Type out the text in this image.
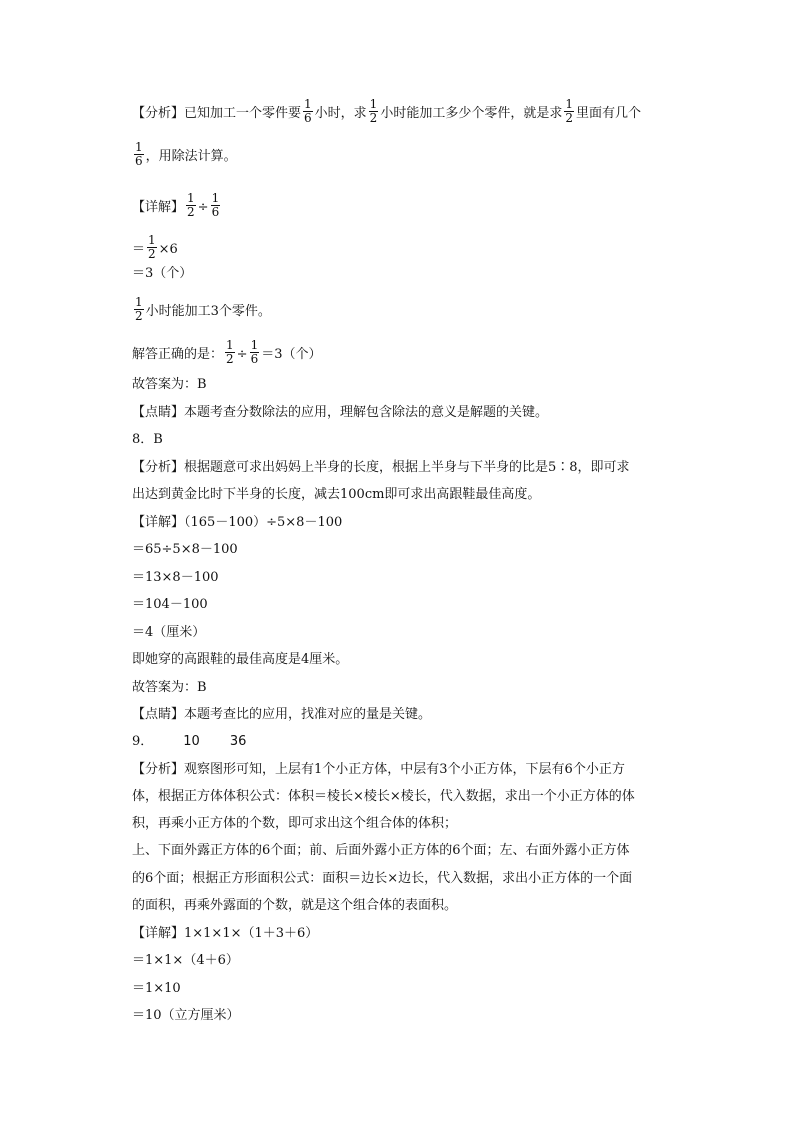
【分析】已知加工一个零件要 $\frac{1}{6}$ 小时，求 $\frac{1}{2}$ 小时能加工多少个零件，就是求 $\frac{1}{2}$ 里面有几个
$\frac{1}{6}$ ，用除法计算。
【详解】 $\frac{1}{2} \div \frac{1}{6}$
＝ $\frac{1}{2} \times 6$
＝3（个）
$\frac{1}{2}$ 小时能加工3个零件。
解答正确的是： $\frac{1}{2} \div \frac{1}{6} =3$（个）
故答案为：B
【点睛】本题考查分数除法的应用，理解包含除法的意义是解题的关键。
8．B
【分析】根据题意可求出妈妈上半身的长度，根据上半身与下半身的比是5∶8，即可求
出达到黄金比时下半身的长度，减去100cm即可求出高跟鞋最佳高度。
【详解】（165－100）÷5×8－100
＝65÷5×8－100
＝13×8－100
＝104－100
＝4（厘米）
即她穿的高跟鞋的最佳高度是4厘米。
故答案为：B
【点睛】本题考查比的应用，找准对应的量是关键。
9． 10 36
【分析】观察图形可知，上层有1个小正方体，中层有3个小正方体，下层有6个小正方
体，根据正方体体积公式：体积＝棱长×棱长×棱长，代入数据，求出一个小正方体的体
积，再乘小正方体的个数，即可求出这个组合体的体积；
上、下面外露正方体的6个面；前、后面外露小正方体的6个面；左、右面外露小正方体
的6个面；根据正方形面积公式：面积＝边长×边长，代入数据，求出小正方体的一个面
的面积，再乘外露面的个数，就是这个组合体的表面积。
【详解】1×1×1×（1＋3＋6）
＝1×1×（4＋6）
＝1×10
＝10（立方厘米）
